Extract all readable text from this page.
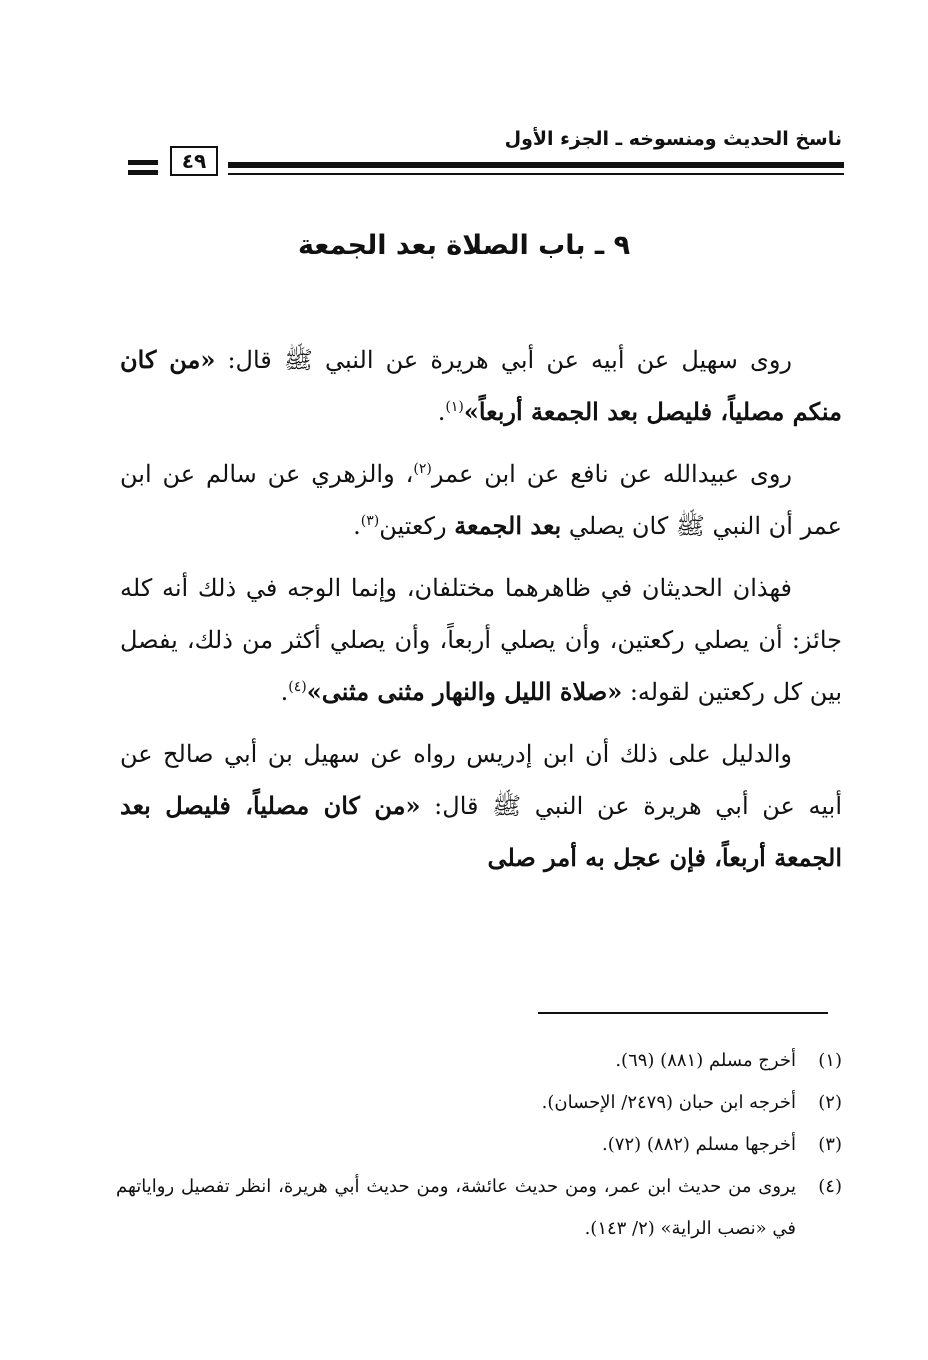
ناسخ الحديث ومنسوخه ـ الجزء الأول
٤٩
٩ ـ باب الصلاة بعد الجمعة

روى سهيل عن أبيه عن أبي هريرة عن النبي ﷺ قال: «من كان منكم مصلياً، فليصل بعد الجمعة أربعاً»$^{(١)}$.

روى عبيدالله عن نافع عن ابن عمر$^{(٢)}$، والزهري عن سالم عن ابن عمر أن النبي ﷺ كان يصلي بعد الجمعة ركعتين$^{(٣)}$.

فهذان الحديثان في ظاهرهما مختلفان، وإنما الوجه في ذلك أنه كله جائز: أن يصلي ركعتين، وأن يصلي أربعاً، وأن يصلي أكثر من ذلك، يفصل بين كل ركعتين لقوله: «صلاة الليل والنهار مثنى مثنى»$^{(٤)}$.

والدليل على ذلك أن ابن إدريس رواه عن سهيل بن أبي صالح عن أبيه عن أبي هريرة عن النبي ﷺ قال: «من كان مصلياً، فليصل بعد الجمعة أربعاً، فإن عجل به أمر صلى

(١)
أخرج مسلم (٨٨١) (٦٩).
(٢)
أخرجه ابن حبان (٢٤٧٩/ الإحسان).
(٣)
أخرجها مسلم (٨٨٢) (٧٢).
(٤)
يروى من حديث ابن عمر، ومن حديث عائشة، ومن حديث أبي هريرة، انظر تفصيل رواياتهم في «نصب الراية» (٢/ ١٤٣).
